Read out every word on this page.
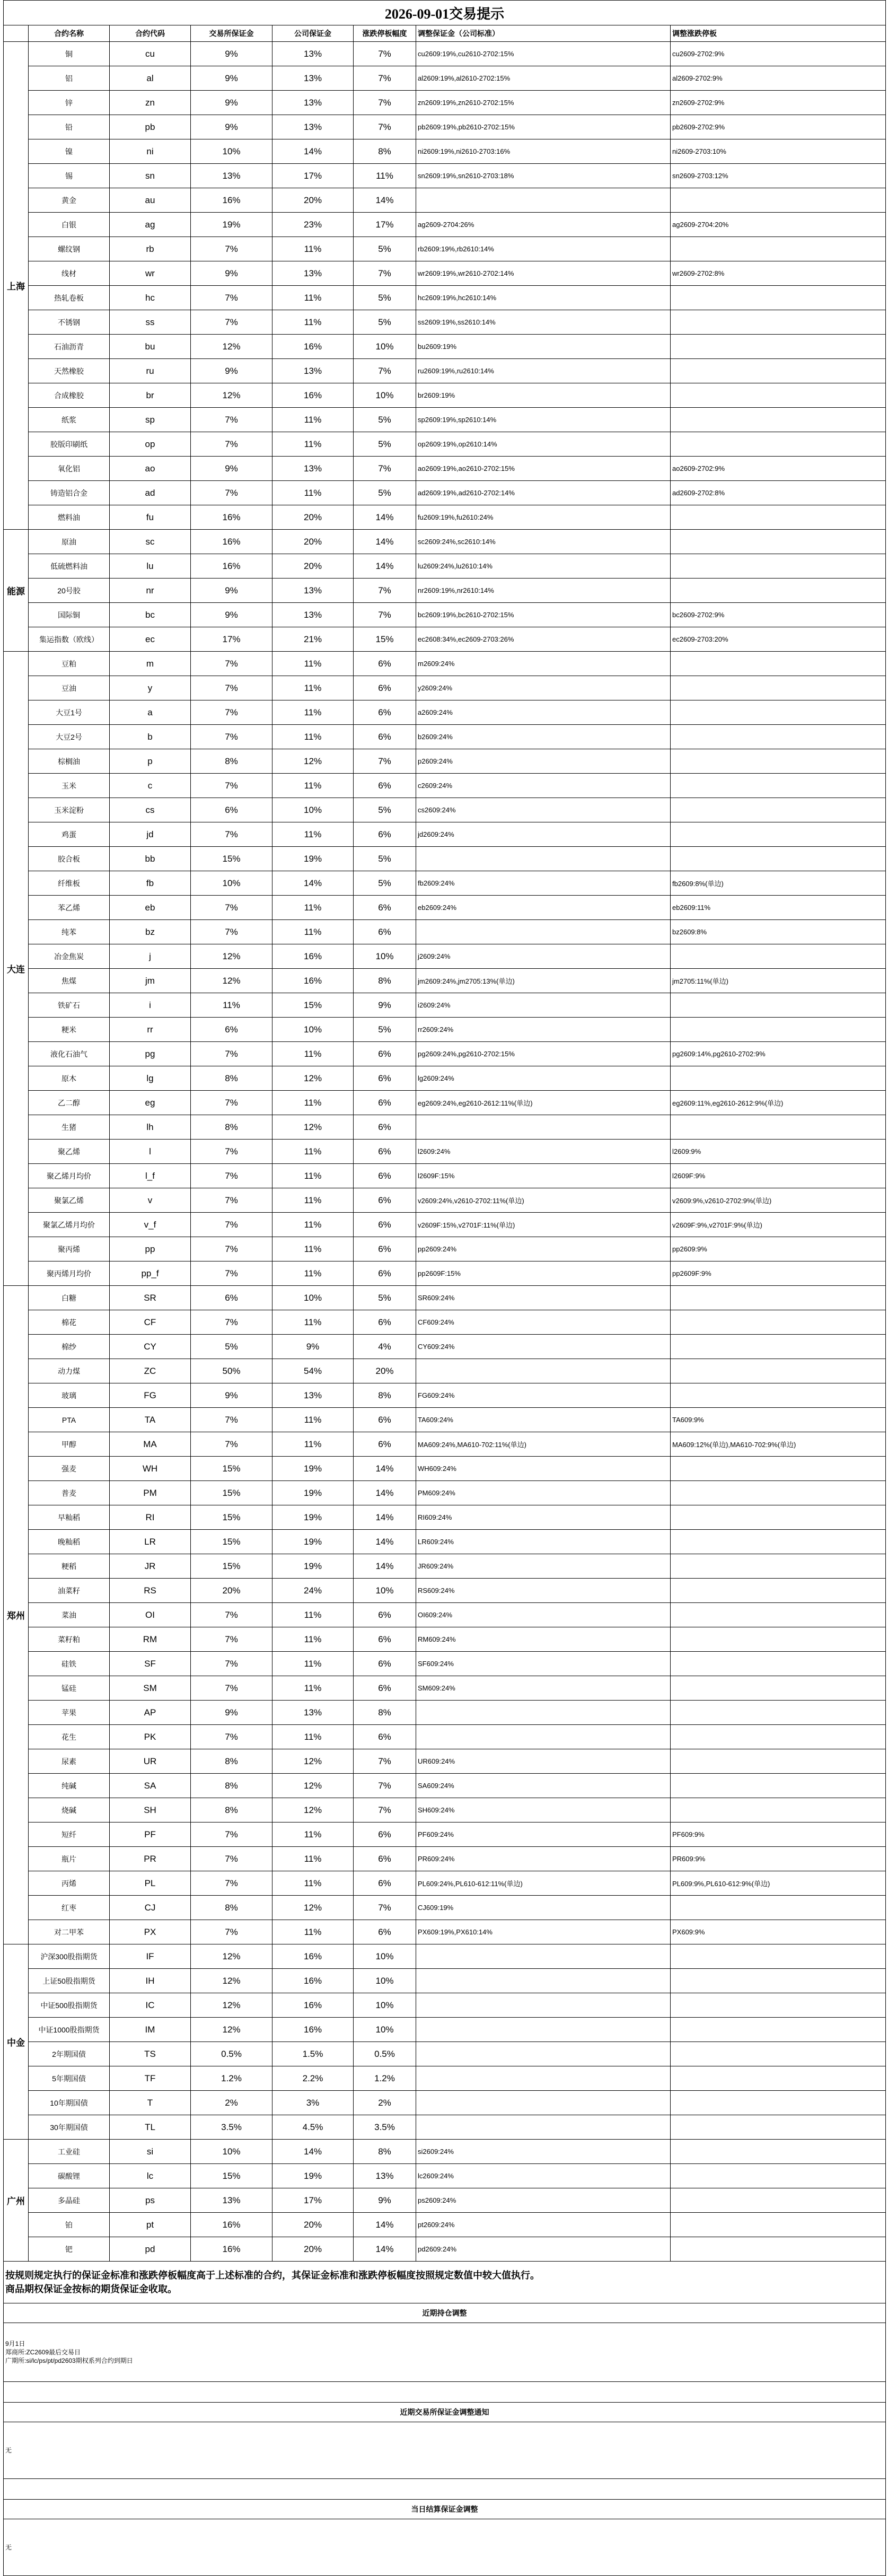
2026-09-01交易提示							
	合约名称	合约代码	交易所保证金	公司保证金	涨跌停板幅度	调整保证金（公司标准）	调整涨跌停板
上海	铜	cu	9%	13%	7%	cu2609:19%,cu2610-2702:15%	cu2609-2702:9%
	铝	al	9%	13%	7%	al2609:19%,al2610-2702:15%	al2609-2702:9%
	锌	zn	9%	13%	7%	zn2609:19%,zn2610-2702:15%	zn2609-2702:9%
	铅	pb	9%	13%	7%	pb2609:19%,pb2610-2702:15%	pb2609-2702:9%
	镍	ni	10%	14%	8%	ni2609:19%,ni2610-2703:16%	ni2609-2703:10%
	锡	sn	13%	17%	11%	sn2609:19%,sn2610-2703:18%	sn2609-2703:12%
	黄金	au	16%	20%	14%		
	白银	ag	19%	23%	17%	ag2609-2704:26%	ag2609-2704:20%
	螺纹钢	rb	7%	11%	5%	rb2609:19%,rb2610:14%	
	线材	wr	9%	13%	7%	wr2609:19%,wr2610-2702:14%	wr2609-2702:8%
	热轧卷板	hc	7%	11%	5%	hc2609:19%,hc2610:14%	
	不锈钢	ss	7%	11%	5%	ss2609:19%,ss2610:14%	
	石油沥青	bu	12%	16%	10%	bu2609:19%	
	天然橡胶	ru	9%	13%	7%	ru2609:19%,ru2610:14%	
	合成橡胶	br	12%	16%	10%	br2609:19%	
	纸浆	sp	7%	11%	5%	sp2609:19%,sp2610:14%	
	胶版印刷纸	op	7%	11%	5%	op2609:19%,op2610:14%	
	氧化铝	ao	9%	13%	7%	ao2609:19%,ao2610-2702:15%	ao2609-2702:9%
	铸造铝合金	ad	7%	11%	5%	ad2609:19%,ad2610-2702:14%	ad2609-2702:8%
	燃料油	fu	16%	20%	14%	fu2609:19%,fu2610:24%	
能源	原油	sc	16%	20%	14%	sc2609:24%,sc2610:14%	
	低硫燃料油	lu	16%	20%	14%	lu2609:24%,lu2610:14%	
	20号胶	nr	9%	13%	7%	nr2609:19%,nr2610:14%	
	国际铜	bc	9%	13%	7%	bc2609:19%,bc2610-2702:15%	bc2609-2702:9%
	集运指数（欧线）	ec	17%	21%	15%	ec2608:34%,ec2609-2703:26%	ec2609-2703:20%
大连	豆粕	m	7%	11%	6%	m2609:24%	
	豆油	y	7%	11%	6%	y2609:24%	
	大豆1号	a	7%	11%	6%	a2609:24%	
	大豆2号	b	7%	11%	6%	b2609:24%	
	棕榈油	p	8%	12%	7%	p2609:24%	
	玉米	c	7%	11%	6%	c2609:24%	
	玉米淀粉	cs	6%	10%	5%	cs2609:24%	
	鸡蛋	jd	7%	11%	6%	jd2609:24%	
	胶合板	bb	15%	19%	5%		
	纤维板	fb	10%	14%	5%	fb2609:24%	fb2609:8%(单边)
	苯乙烯	eb	7%	11%	6%	eb2609:24%	eb2609:11%
	纯苯	bz	7%	11%	6%		bz2609:8%
	冶金焦炭	j	12%	16%	10%	j2609:24%	
	焦煤	jm	12%	16%	8%	jm2609:24%,jm2705:13%(单边)	jm2705:11%(单边)
	铁矿石	i	11%	15%	9%	i2609:24%	
	粳米	rr	6%	10%	5%	rr2609:24%	
	液化石油气	pg	7%	11%	6%	pg2609:24%,pg2610-2702:15%	pg2609:14%,pg2610-2702:9%
	原木	lg	8%	12%	6%	lg2609:24%	
	乙二醇	eg	7%	11%	6%	eg2609:24%,eg2610-2612:11%(单边)	eg2609:11%,eg2610-2612:9%(单边)
	生猪	lh	8%	12%	6%		
	聚乙烯	l	7%	11%	6%	l2609:24%	l2609:9%
	聚乙烯月均价	l_f	7%	11%	6%	l2609F:15%	l2609F:9%
	聚氯乙烯	v	7%	11%	6%	v2609:24%,v2610-2702:11%(单边)	v2609:9%,v2610-2702:9%(单边)
	聚氯乙烯月均价	v_f	7%	11%	6%	v2609F:15%,v2701F:11%(单边)	v2609F:9%,v2701F:9%(单边)
	聚丙烯	pp	7%	11%	6%	pp2609:24%	pp2609:9%
	聚丙烯月均价	pp_f	7%	11%	6%	pp2609F:15%	pp2609F:9%
郑州	白糖	SR	6%	10%	5%	SR609:24%	
	棉花	CF	7%	11%	6%	CF609:24%	
	棉纱	CY	5%	9%	4%	CY609:24%	
	动力煤	ZC	50%	54%	20%		
	玻璃	FG	9%	13%	8%	FG609:24%	
	PTA	TA	7%	11%	6%	TA609:24%	TA609:9%
	甲醇	MA	7%	11%	6%	MA609:24%,MA610-702:11%(单边)	MA609:12%(单边),MA610-702:9%(单边)
	强麦	WH	15%	19%	14%	WH609:24%	
	普麦	PM	15%	19%	14%	PM609:24%	
	早籼稻	RI	15%	19%	14%	RI609:24%	
	晚籼稻	LR	15%	19%	14%	LR609:24%	
	粳稻	JR	15%	19%	14%	JR609:24%	
	油菜籽	RS	20%	24%	10%	RS609:24%	
	菜油	OI	7%	11%	6%	OI609:24%	
	菜籽粕	RM	7%	11%	6%	RM609:24%	
	硅铁	SF	7%	11%	6%	SF609:24%	
	锰硅	SM	7%	11%	6%	SM609:24%	
	苹果	AP	9%	13%	8%		
	花生	PK	7%	11%	6%		
	尿素	UR	8%	12%	7%	UR609:24%	
	纯碱	SA	8%	12%	7%	SA609:24%	
	烧碱	SH	8%	12%	7%	SH609:24%	
	短纤	PF	7%	11%	6%	PF609:24%	PF609:9%
	瓶片	PR	7%	11%	6%	PR609:24%	PR609:9%
	丙烯	PL	7%	11%	6%	PL609:24%,PL610-612:11%(单边)	PL609:9%,PL610-612:9%(单边)
	红枣	CJ	8%	12%	7%	CJ609:19%	
	对二甲苯	PX	7%	11%	6%	PX609:19%,PX610:14%	PX609:9%
中金	沪深300股指期货	IF	12%	16%	10%		
	上证50股指期货	IH	12%	16%	10%		
	中证500股指期货	IC	12%	16%	10%		
	中证1000股指期货	IM	12%	16%	10%		
	2年期国债	TS	0.5%	1.5%	0.5%		
	5年期国债	TF	1.2%	2.2%	1.2%		
	10年期国债	T	2%	3%	2%		
	30年期国债	TL	3.5%	4.5%	3.5%		
广州	工业硅	si	10%	14%	8%	si2609:24%	
	碳酸锂	lc	15%	19%	13%	lc2609:24%	
	多晶硅	ps	13%	17%	9%	ps2609:24%	
	铂	pt	16%	20%	14%	pt2609:24%	
	钯	pd	16%	20%	14%	pd2609:24%	

按规则规定执行的保证金标准和涨跌停板幅度高于上述标准的合约，其保证金标准和涨跌停板幅度按照规定数值中较大值执行。
商品期权保证金按标的期货保证金收取。							

近期持仓调整							

9月1日
郑商所:ZC2609最后交易日
广期所:si/lc/ps/pt/pd2603期权系列合约到期日							

近期交易所保证金调整通知							
无							

当日结算保证金调整							
无							
